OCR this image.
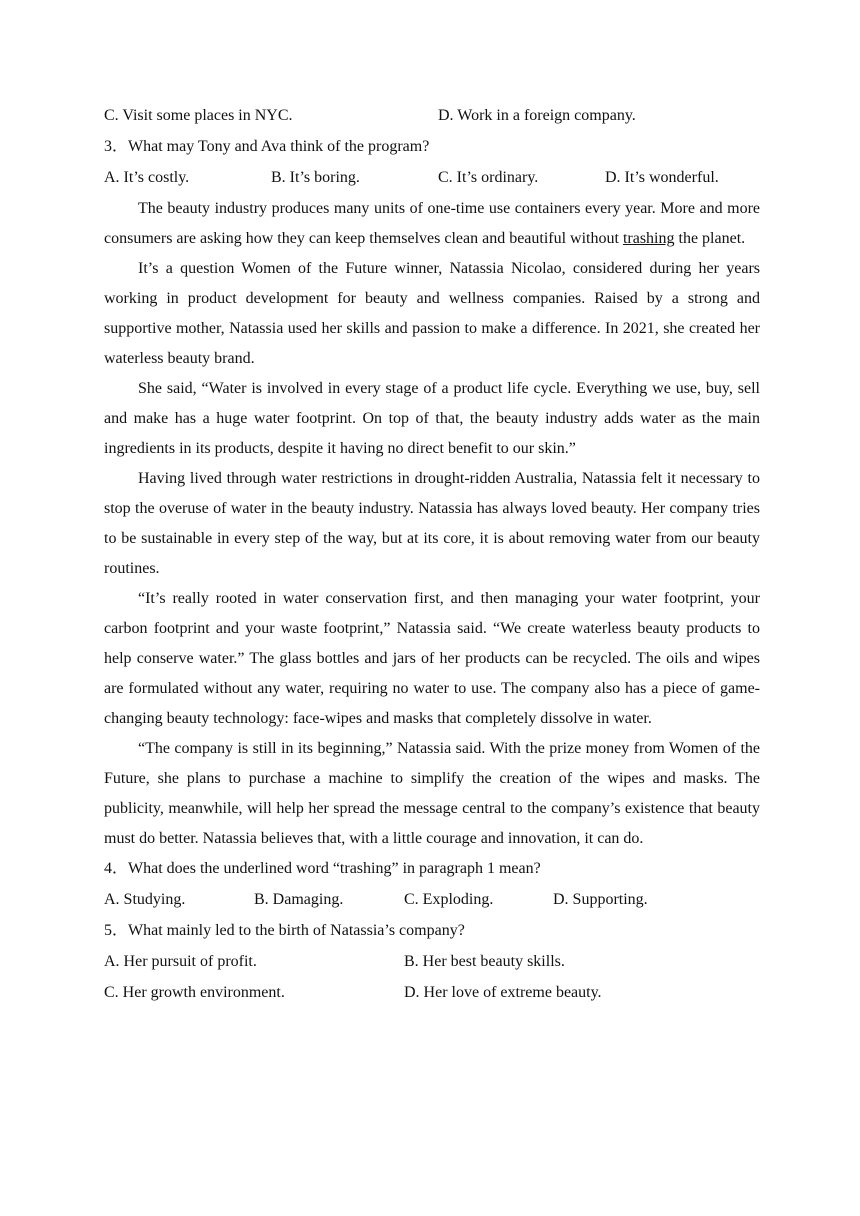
C. Visit some places in NYC.	D. Work in a foreign company.
3．What may Tony and Ava think of the program?
A. It’s costly.	B. It’s boring.	C. It’s ordinary.	D. It’s wonderful.

The beauty industry produces many units of one-time use containers every year. More and more consumers are asking how they can keep themselves clean and beautiful without trashing the planet.

It’s a question Women of the Future winner, Natassia Nicolao, considered during her years working in product development for beauty and wellness companies. Raised by a strong and supportive mother, Natassia used her skills and passion to make a difference. In 2021, she created her waterless beauty brand.

She said, “Water is involved in every stage of a product life cycle. Everything we use, buy, sell and make has a huge water footprint. On top of that, the beauty industry adds water as the main ingredients in its products, despite it having no direct benefit to our skin.”

Having lived through water restrictions in drought-ridden Australia, Natassia felt it necessary to stop the overuse of water in the beauty industry. Natassia has always loved beauty. Her company tries to be sustainable in every step of the way, but at its core, it is about removing water from our beauty routines.

“It’s really rooted in water conservation first, and then managing your water footprint, your carbon footprint and your waste footprint,” Natassia said. “We create waterless beauty products to help conserve water.” The glass bottles and jars of her products can be recycled. The oils and wipes are formulated without any water, requiring no water to use. The company also has a piece of game-changing beauty technology: face-wipes and masks that completely dissolve in water.

“The company is still in its beginning,” Natassia said. With the prize money from Women of the Future, she plans to purchase a machine to simplify the creation of the wipes and masks. The publicity, meanwhile, will help her spread the message central to the company’s existence that beauty must do better. Natassia believes that, with a little courage and innovation, it can do.

4．What does the underlined word “trashing” in paragraph 1 mean?
A. Studying.	B. Damaging.	C. Exploding.	D. Supporting.
5．What mainly led to the birth of Natassia’s company?
A. Her pursuit of profit.	B. Her best beauty skills.
C. Her growth environment.	D. Her love of extreme beauty.
